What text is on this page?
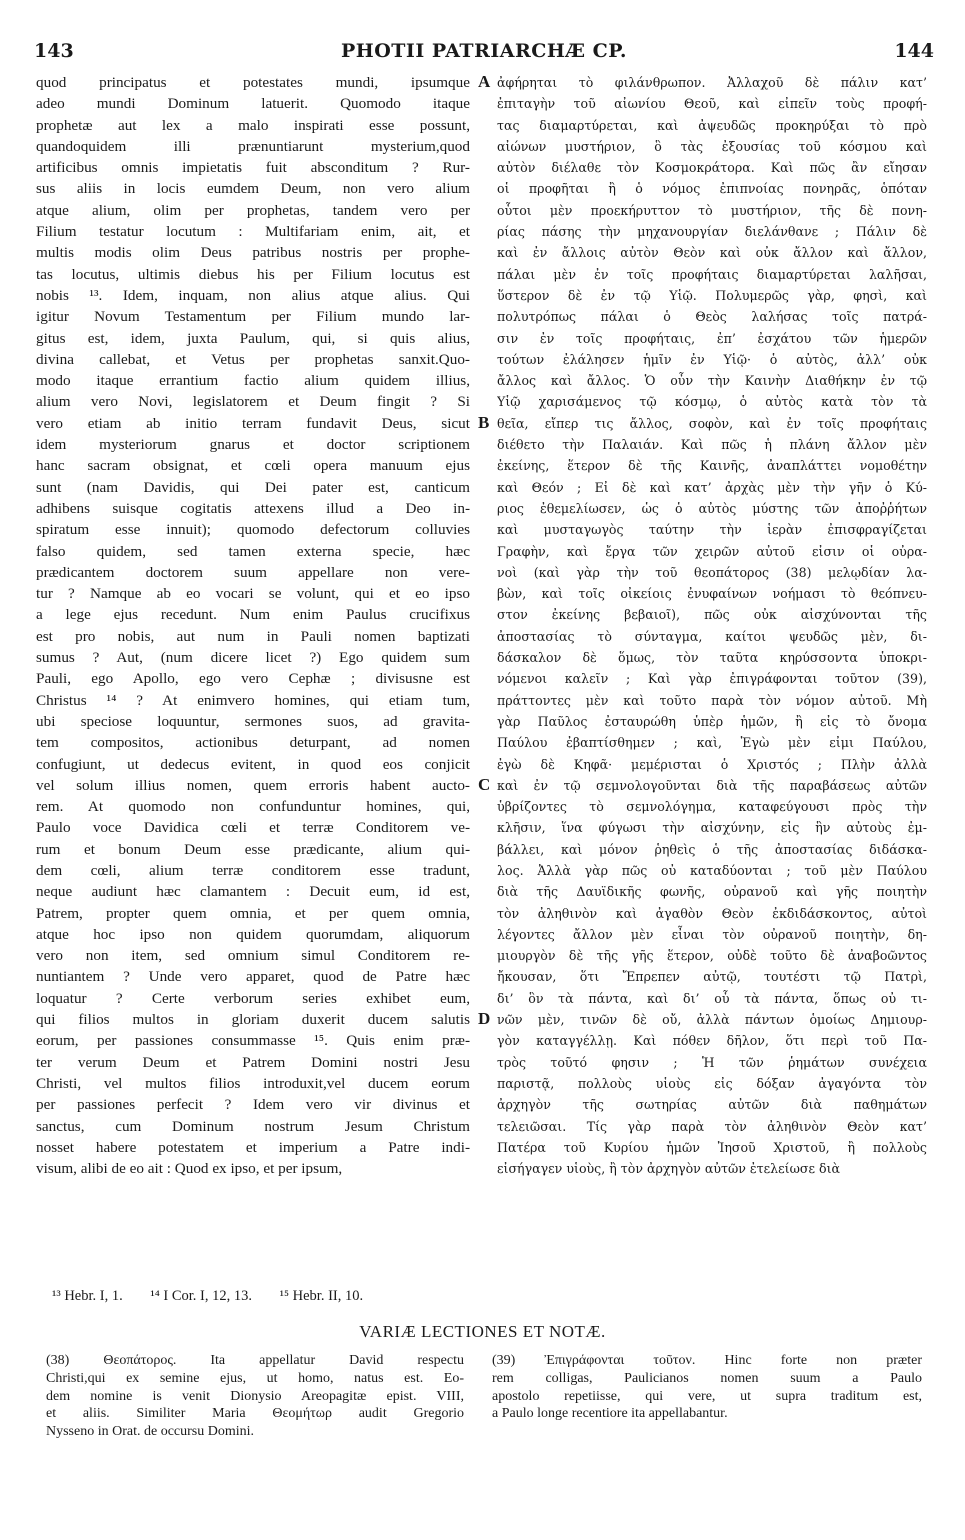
143	PHOTII PATRIARCHÆ CP.	144
quod principatus et potestates mundi, ipsumque
adeo mundi Dominum latuerit. Quomodo itaque
prophetæ aut lex a malo inspirati esse possunt,
quandoquidem illi prænuntiarunt mysterium,quod
artificibus omnis impietatis fuit absconditum ? Rur-
sus aliis in locis eumdem Deum, non vero alium
atque alium, olim per prophetas, tandem vero per
Filium testatur locutum : Multifariam enim, ait, et
multis modis olim Deus patribus nostris per prophe-
tas locutus, ultimis diebus his per Filium locutus est
nobis ¹³. Idem, inquam, non alius atque alius. Qui
igitur Novum Testamentum per Filium mundo lar-
gitus est, idem, juxta Paulum, qui, si quis alius,
divina callebat, et Vetus per prophetas sanxit.Quo-
modo itaque errantium factio alium quidem illius,
alium vero Novi, legislatorem et Deum fingit ? Si
vero etiam ab initio terram fundavit Deus, sicut
idem mysteriorum gnarus et doctor scriptionem
hanc sacram obsignat, et cœli opera manuum ejus
sunt (nam Davidis, qui Dei pater est, canticum
adhibens suisque cogitatis attexens illud a Deo in-
spiratum esse innuit); quomodo defectorum colluvies
falso quidem, sed tamen externa specie, hæc
prædicantem doctorem suum appellare non vere-
tur ? Namque ab eo vocari se volunt, qui et eo ipso
a lege ejus recedunt. Num enim Paulus crucifixus
est pro nobis, aut num in Pauli nomen baptizati
sumus ? Aut, (num dicere licet ?) Ego quidem sum
Pauli, ego Apollo, ego vero Cephæ ; divisusne est
Christus ¹⁴ ? At enimvero homines, qui etiam tum,
ubi speciose loquuntur, sermones suos, ad gravita-
tem compositos, actionibus deturpant, ad nomen
confugiunt, ut dedecus evitent, in quod eos conjicit
vel solum illius nomen, quem erroris habent aucto-
rem. At quomodo non confunduntur homines, qui,
Paulo voce Davidica cœli et terræ Conditorem ve-
rum et bonum Deum esse prædicante, alium qui-
dem cœli, alium terræ conditorem esse tradunt,
neque audiunt hæc clamantem : Decuit eum, id est,
Patrem, propter quem omnia, et per quem omnia,
atque hoc ipso non quidem quorumdam, aliquorum
vero non item, sed omnium simul Conditorem re-
nuntiantem ? Unde vero apparet, quod de Patre hæc
loquatur ? Certe verborum series exhibet eum,
qui filios multos in gloriam duxerit ducem salutis
eorum, per passiones consummasse ¹⁵. Quis enim præ-
ter verum Deum et Patrem Domini nostri Jesu
Christi, vel multos filios introduxit,vel ducem eorum
per passiones perfecit ? Idem vero vir divinus et
sanctus, cum Dominum nostrum Jesum Christum
nosset habere potestatem et imperium a Patre indi-
visum, alibi de eo ait : Quod ex ipso, et per ipsum,
A
B
C
D
ἀφήρηται τὸ φιλάνθρωπον. Ἀλλαχοῦ δὲ πάλιν κατ’
ἐπιταγὴν τοῦ αἰωνίου Θεοῦ, καὶ εἰπεῖν τοὺς προφή-
τας διαμαρτύρεται, καὶ ἀψευδῶς προκηρύξαι τὸ πρὸ
αἰώνων μυστήριον, ὃ τὰς ἐξουσίας τοῦ κόσμου καὶ
αὐτὸν διέλαθε τὸν Κοσμοκράτορα. Καὶ πῶς ἂν εἴησαν
οἱ προφῆται ἢ ὁ νόμος ἐπιπνοίας πονηρᾶς, ὁπόταν
οὗτοι μὲν προεκήρυττον τὸ μυστήριον, τῆς δὲ πονη-
ρίας πάσης τὴν μηχανουργίαν διελάνθανε ; Πάλιν δὲ
καὶ ἐν ἄλλοις αὐτὸν Θεὸν καὶ οὐκ ἄλλον καὶ ἄλλον,
πάλαι μὲν ἐν τοῖς προφήταις διαμαρτύρεται λαλῆσαι,
ὕστερον δὲ ἐν τῷ Υἱῷ. Πολυμερῶς γὰρ, φησὶ, καὶ
πολυτρόπως πάλαι ὁ Θεὸς λαλήσας τοῖς πατρά-
σιν ἐν τοῖς προφήταις, ἐπ’ ἐσχάτου τῶν ἡμερῶν
τούτων ἐλάλησεν ἡμῖν ἐν Υἱῷ· ὁ αὐτὸς, ἀλλ’ οὐκ
ἄλλος καὶ ἄλλος. Ὁ οὖν τὴν Καινὴν Διαθήκην ἐν τῷ
Υἱῷ χαρισάμενος τῷ κόσμῳ, ὁ αὐτὸς κατὰ τὸν τὰ
θεῖα, εἴπερ τις ἄλλος, σοφὸν, καὶ ἐν τοῖς προφήταις
διέθετο τὴν Παλαιάν. Καὶ πῶς ἡ πλάνη ἄλλον μὲν
ἐκείνης, ἕτερον δὲ τῆς Καινῆς, ἀναπλάττει νομοθέτην
καὶ Θεόν ; Εἰ δὲ καὶ κατ’ ἀρχὰς μὲν τὴν γῆν ὁ Κύ-
ριος ἐθεμελίωσεν, ὡς ὁ αὐτὸς μύστης τῶν ἀποῤῥήτων
καὶ μυσταγωγὸς ταύτην τὴν ἱερὰν ἐπισφραγίζεται
Γραφὴν, καὶ ἔργα τῶν χειρῶν αὐτοῦ εἰσιν οἱ οὐρα-
νοὶ (καὶ γὰρ τὴν τοῦ θεοπάτορος (38) μελῳδίαν λα-
βὼν, καὶ τοῖς οἰκείοις ἐνυφαίνων νοήμασι τὸ θεόπνευ-
στον ἐκείνης βεβαιοῖ), πῶς οὐκ αἰσχύνονται τῆς
ἀποστασίας τὸ σύνταγμα, καίτοι ψευδῶς μὲν, δι-
δάσκαλον δὲ ὅμως, τὸν ταῦτα κηρύσσοντα ὑποκρι-
νόμενοι καλεῖν ; Καὶ γὰρ ἐπιγράφονται τοῦτον (39),
πράττοντες μὲν καὶ τοῦτο παρὰ τὸν νόμον αὐτοῦ. Μὴ
γὰρ Παῦλος ἐσταυρώθη ὑπὲρ ἡμῶν, ἢ εἰς τὸ ὄνομα
Παύλου ἐβαπτίσθημεν ; καὶ, Ἐγὼ μὲν εἰμι Παύλου,
ἐγὼ δὲ Κηφᾶ· μεμέρισται ὁ Χριστός ; Πλὴν ἀλλὰ
καὶ ἐν τῷ σεμνολογοῦνται διὰ τῆς παραβάσεως αὐτῶν
ὑβρίζοντες τὸ σεμνολόγημα, καταφεύγουσι πρὸς τὴν
κλῆσιν, ἵνα φύγωσι τὴν αἰσχύνην, εἰς ἣν αὐτοὺς ἐμ-
βάλλει, καὶ μόνον ῥηθεὶς ὁ τῆς ἀποστασίας διδάσκα-
λος. Ἀλλὰ γὰρ πῶς οὐ καταδύονται ; τοῦ μὲν Παύλου
διὰ τῆς Δαυϊδικῆς φωνῆς, οὐρανοῦ καὶ γῆς ποιητὴν
τὸν ἀληθινὸν καὶ ἀγαθὸν Θεὸν ἐκδιδάσκοντος, αὐτοὶ
λέγοντες ἄλλον μὲν εἶναι τὸν οὐρανοῦ ποιητὴν, δη-
μιουργὸν δὲ τῆς γῆς ἕτερον, οὐδὲ τοῦτο δὲ ἀναβοῶντος
ἤκουσαν, ὅτι Ἔπρεπεν αὐτῷ, τουτέστι τῷ Πατρὶ,
δι’ ὃν τὰ πάντα, καὶ δι’ οὗ τὰ πάντα, ὅπως οὐ τι-
νῶν μὲν, τινῶν δὲ οὔ, ἀλλὰ πάντων ὁμοίως Δημιουρ-
γὸν καταγγέλλῃ. Καὶ πόθεν δῆλον, ὅτι περὶ τοῦ Πα-
τρὸς τοῦτό φησιν ; Ἡ τῶν ῥημάτων συνέχεια
παριστᾷ, πολλοὺς υἱοὺς εἰς δόξαν ἀγαγόντα τὸν
ἀρχηγὸν τῆς σωτηρίας αὐτῶν διὰ παθημάτων
τελειῶσαι. Τίς γὰρ παρὰ τὸν ἀληθινὸν Θεὸν κατ’
Πατέρα τοῦ Κυρίου ἡμῶν Ἰησοῦ Χριστοῦ, ἢ πολλοὺς
εἰσήγαγεν υἱοὺς, ἢ τὸν ἀρχηγὸν αὐτῶν ἐτελείωσε διὰ
¹³ Hebr. I, 1. ¹⁴ I Cor. I, 12, 13. ¹⁵ Hebr. II, 10.
VARIÆ LECTIONES ET NOTÆ.
(38) Θεοπάτορος. Ita appellatur David respectu
Christi,qui ex semine ejus, ut homo, natus est. Eo-
dem nomine is venit Dionysio Areopagitæ epist. VIII,
et aliis. Similiter Maria Θεομήτωρ audit Gregorio
Nysseno in Orat. de occursu Domini.
(39) Ἐπιγράφονται τοῦτον. Hinc forte non præter
rem colligas, Paulicianos nomen suum a Paulo
apostolo repetiisse, qui vere, ut supra traditum est,
a Paulo longe recentiore ita appellabantur.
